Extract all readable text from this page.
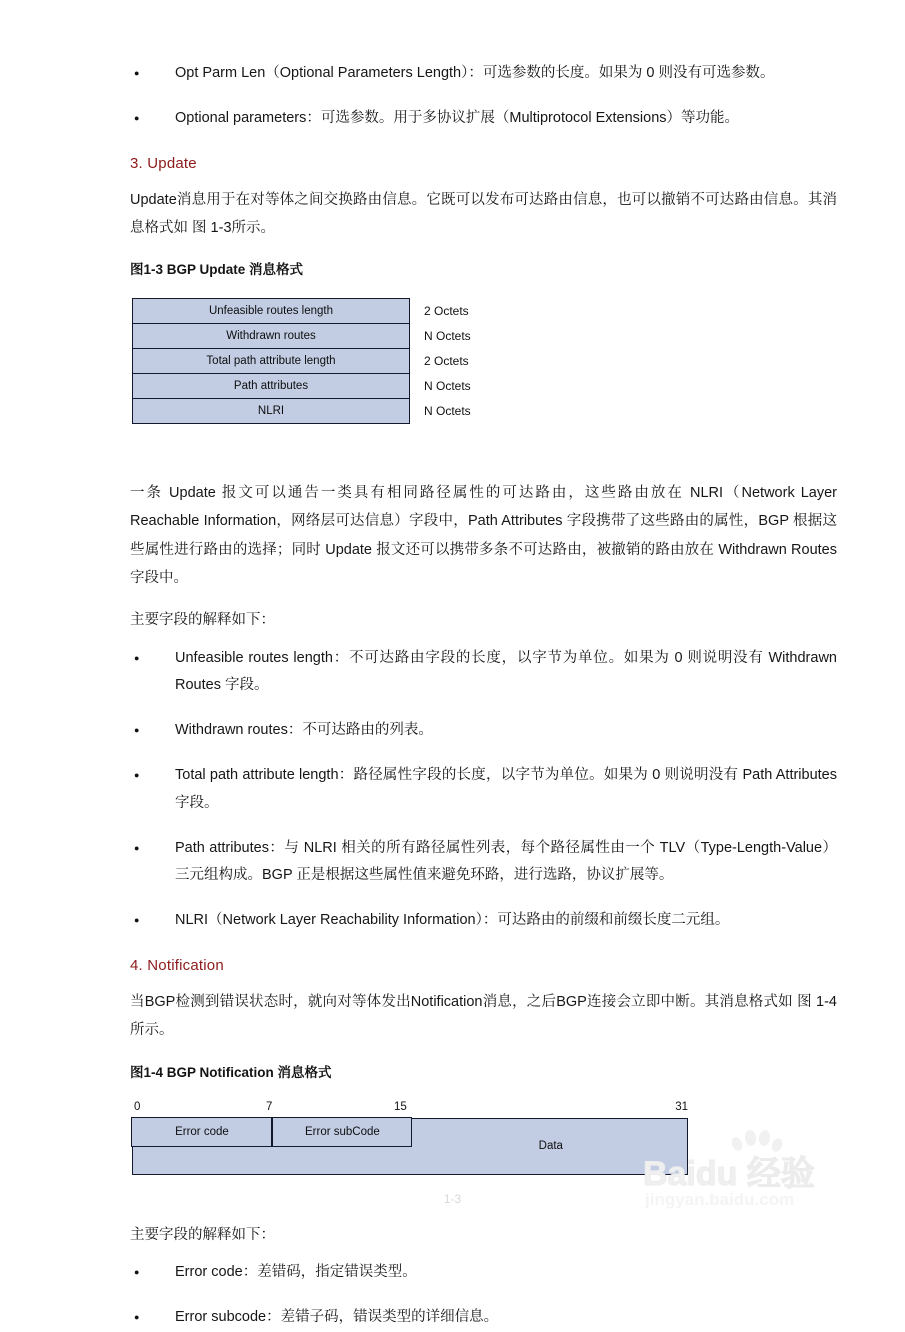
● Opt Parm Len（Optional Parameters Length）：可选参数的长度。如果为 0 则没有可选参数。
● Optional parameters：可选参数。用于多协议扩展（Multiprotocol Extensions）等功能。
3. Update

Update消息用于在对等体之间交换路由信息。它既可以发布可达路由信息，也可以撤销不可达路由信息。其消息格式如 图 1-3所示。

图1-3 BGP Update 消息格式
Unfeasible routes length	2 Octets
Withdrawn routes	N Octets
Total path attribute length	2 Octets
Path attributes	N Octets
NLRI	N Octets

一条 Update 报文可以通告一类具有相同路径属性的可达路由，这些路由放在 NLRI（Network Layer Reachable Information，网络层可达信息）字段中，Path Attributes 字段携带了这些路由的属性，BGP 根据这些属性进行路由的选择；同时 Update 报文还可以携带多条不可达路由，被撤销的路由放在 Withdrawn Routes 字段中。

主要字段的解释如下：

● Unfeasible routes length：不可达路由字段的长度，以字节为单位。如果为 0 则说明没有 Withdrawn Routes 字段。
● Withdrawn routes：不可达路由的列表。
● Total path attribute length：路径属性字段的长度，以字节为单位。如果为 0 则说明没有 Path Attributes 字段。
● Path attributes：与 NLRI 相关的所有路径属性列表，每个路径属性由一个 TLV（Type-Length-Value）三元组构成。BGP 正是根据这些属性值来避免环路，进行选路，协议扩展等。
● NLRI（Network Layer Reachability Information）：可达路由的前缀和前缀长度二元组。
4. Notification

当BGP检测到错误状态时，就向对等体发出Notification消息，之后BGP连接会立即中断。其消息格式如 图 1-4所示。

图1-4 BGP Notification 消息格式
0	7	15	31
Error code	Error subCode
Data

主要字段的解释如下：

● Error code：差错码，指定错误类型。
● Error subcode：差错子码，错误类型的详细信息。
Baidu 经验
jingyan.baidu.com
1-3
